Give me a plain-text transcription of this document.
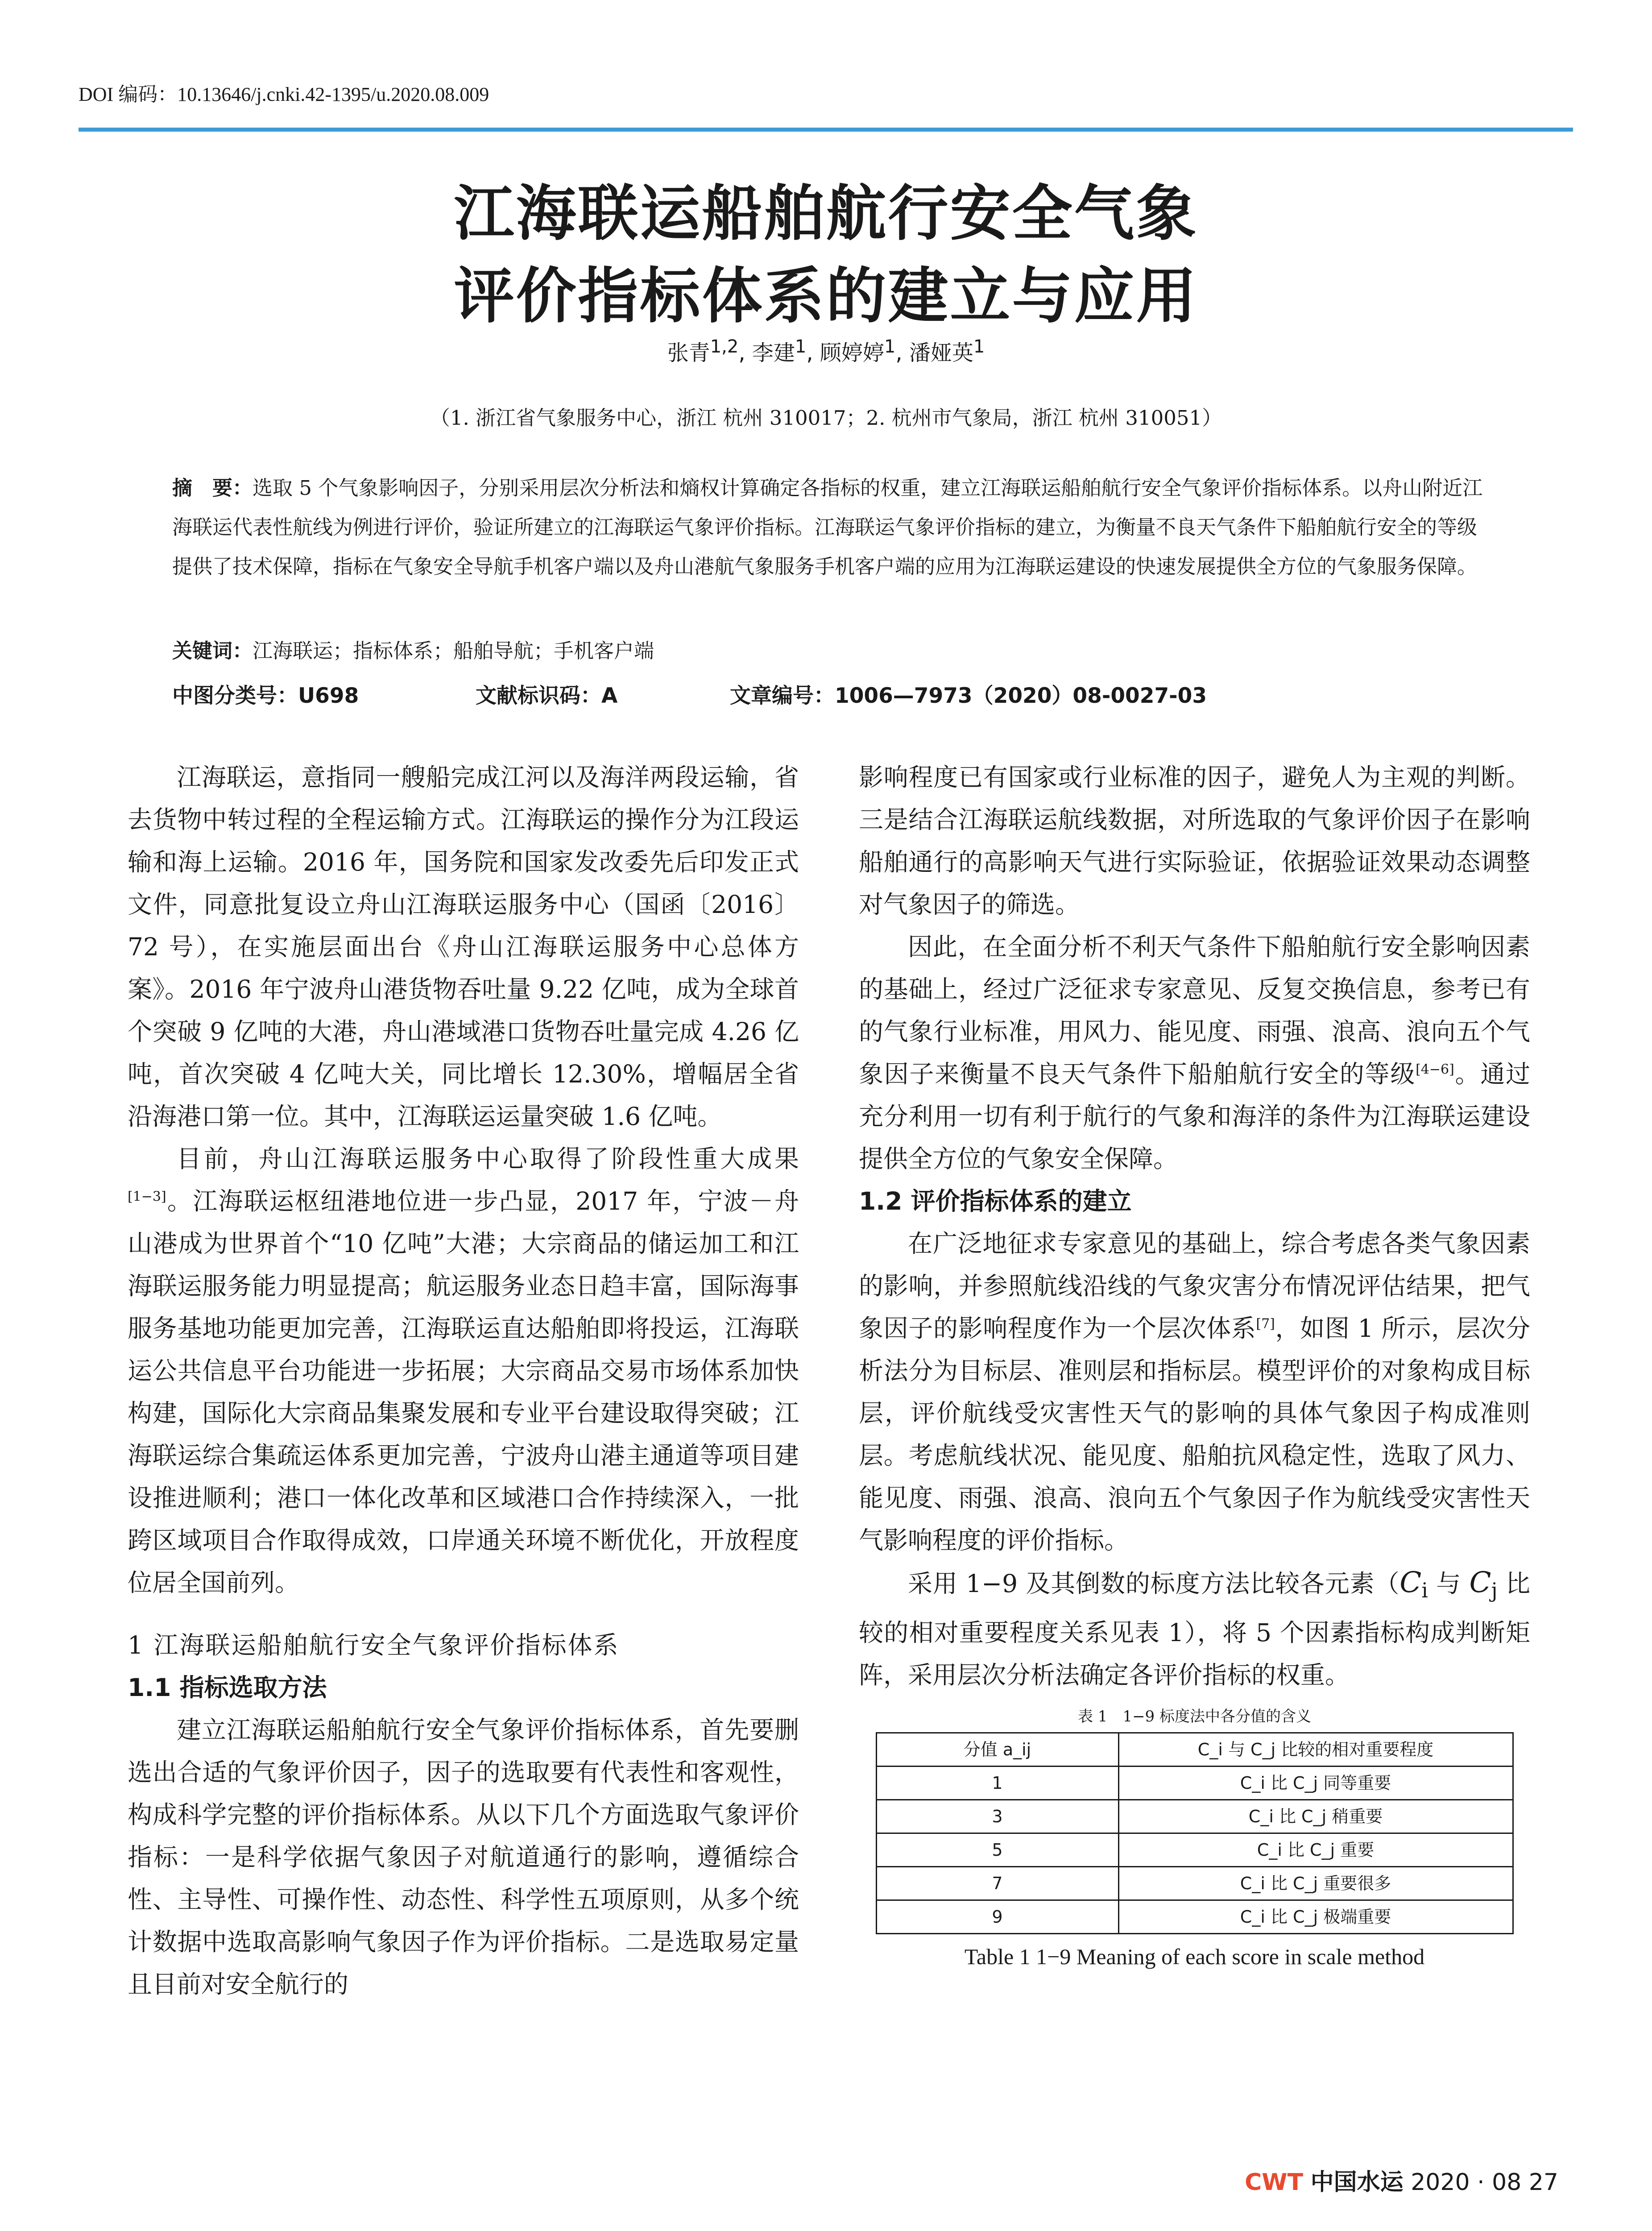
DOI 编码：10.13646/j.cnki.42-1395/u.2020.08.009
江海联运船舶航行安全气象
评价指标体系的建立与应用
张青$^{1,2}$, 李建$^1$, 顾婷婷$^1$, 潘娅英$^1$
（1. 浙江省气象服务中心，浙江 杭州 310017；2. 杭州市气象局，浙江 杭州 310051）
摘　要：选取 5 个气象影响因子，分别采用层次分析法和熵权计算确定各指标的权重，建立江海联运船舶航行安全气象评价指标体系。以舟山附近江海联运代表性航线为例进行评价，验证所建立的江海联运气象评价指标。江海联运气象评价指标的建立，为衡量不良天气条件下船舶航行安全的等级提供了技术保障，指标在气象安全导航手机客户端以及舟山港航气象服务手机客户端的应用为江海联运建设的快速发展提供全方位的气象服务保障。
关键词：江海联运；指标体系；船舶导航；手机客户端
中图分类号：U698	文献标识码：A	文章编号：1006—7973（2020）08-0027-03

江海联运，意指同一艘船完成江河以及海洋两段运输，省去货物中转过程的全程运输方式。江海联运的操作分为江段运输和海上运输。2016 年，国务院和国家发改委先后印发正式文件，同意批复设立舟山江海联运服务中心（国函〔2016〕72 号），在实施层面出台《舟山江海联运服务中心总体方案》。2016 年宁波舟山港货物吞吐量 9.22 亿吨，成为全球首个突破 9 亿吨的大港，舟山港域港口货物吞吐量完成 4.26 亿吨，首次突破 4 亿吨大关，同比增长 12.30%，增幅居全省沿海港口第一位。其中，江海联运运量突破 1.6 亿吨。

目前，舟山江海联运服务中心取得了阶段性重大成果[1−3]。江海联运枢纽港地位进一步凸显，2017 年，宁波－舟山港成为世界首个“10 亿吨”大港；大宗商品的储运加工和江海联运服务能力明显提高；航运服务业态日趋丰富，国际海事服务基地功能更加完善，江海联运直达船舶即将投运，江海联运公共信息平台功能进一步拓展；大宗商品交易市场体系加快构建，国际化大宗商品集聚发展和专业平台建设取得突破；江海联运综合集疏运体系更加完善，宁波舟山港主通道等项目建设推进顺利；港口一体化改革和区域港口合作持续深入，一批跨区域项目合作取得成效，口岸通关环境不断优化，开放程度位居全国前列。

1 江海联运船舶航行安全气象评价指标体系
1.1 指标选取方法

建立江海联运船舶航行安全气象评价指标体系，首先要删选出合适的气象评价因子，因子的选取要有代表性和客观性，构成科学完整的评价指标体系。从以下几个方面选取气象评价指标：一是科学依据气象因子对航道通行的影响，遵循综合性、主导性、可操作性、动态性、科学性五项原则，从多个统计数据中选取高影响气象因子作为评价指标。二是选取易定量且目前对安全航行的

影响程度已有国家或行业标准的因子，避免人为主观的判断。三是结合江海联运航线数据，对所选取的气象评价因子在影响船舶通行的高影响天气进行实际验证，依据验证效果动态调整对气象因子的筛选。

因此，在全面分析不利天气条件下船舶航行安全影响因素的基础上，经过广泛征求专家意见、反复交换信息，参考已有的气象行业标准，用风力、能见度、雨强、浪高、浪向五个气象因子来衡量不良天气条件下船舶航行安全的等级[4−6]。通过充分利用一切有利于航行的气象和海洋的条件为江海联运建设提供全方位的气象安全保障。

1.2 评价指标体系的建立

在广泛地征求专家意见的基础上，综合考虑各类气象因素的影响，并参照航线沿线的气象灾害分布情况评估结果，把气象因子的影响程度作为一个层次体系[7]，如图 1 所示，层次分析法分为目标层、准则层和指标层。模型评价的对象构成目标层，评价航线受灾害性天气的影响的具体气象因子构成准则层。考虑航线状况、能见度、船舶抗风稳定性，选取了风力、能见度、雨强、浪高、浪向五个气象因子作为航线受灾害性天气影响程度的评价指标。

采用 1−9 及其倒数的标度方法比较各元素（$C_i$ 与 $C_j$ 比较的相对重要程度关系见表 1），将 5 个因素指标构成判断矩阵，采用层次分析法确定各评价指标的权重。

表 1　1−9 标度法中各分值的含义
分值 a_ij	C_i 与 C_j 比较的相对重要程度
1	C_i 比 C_j 同等重要
3	C_i 比 C_j 稍重要
5	C_i 比 C_j 重要
7	C_i 比 C_j 重要很多
9	C_i 比 C_j 极端重要
Table 1 1−9 Meaning of each score in scale method
CWT 中国水运 2020 · 08 27
